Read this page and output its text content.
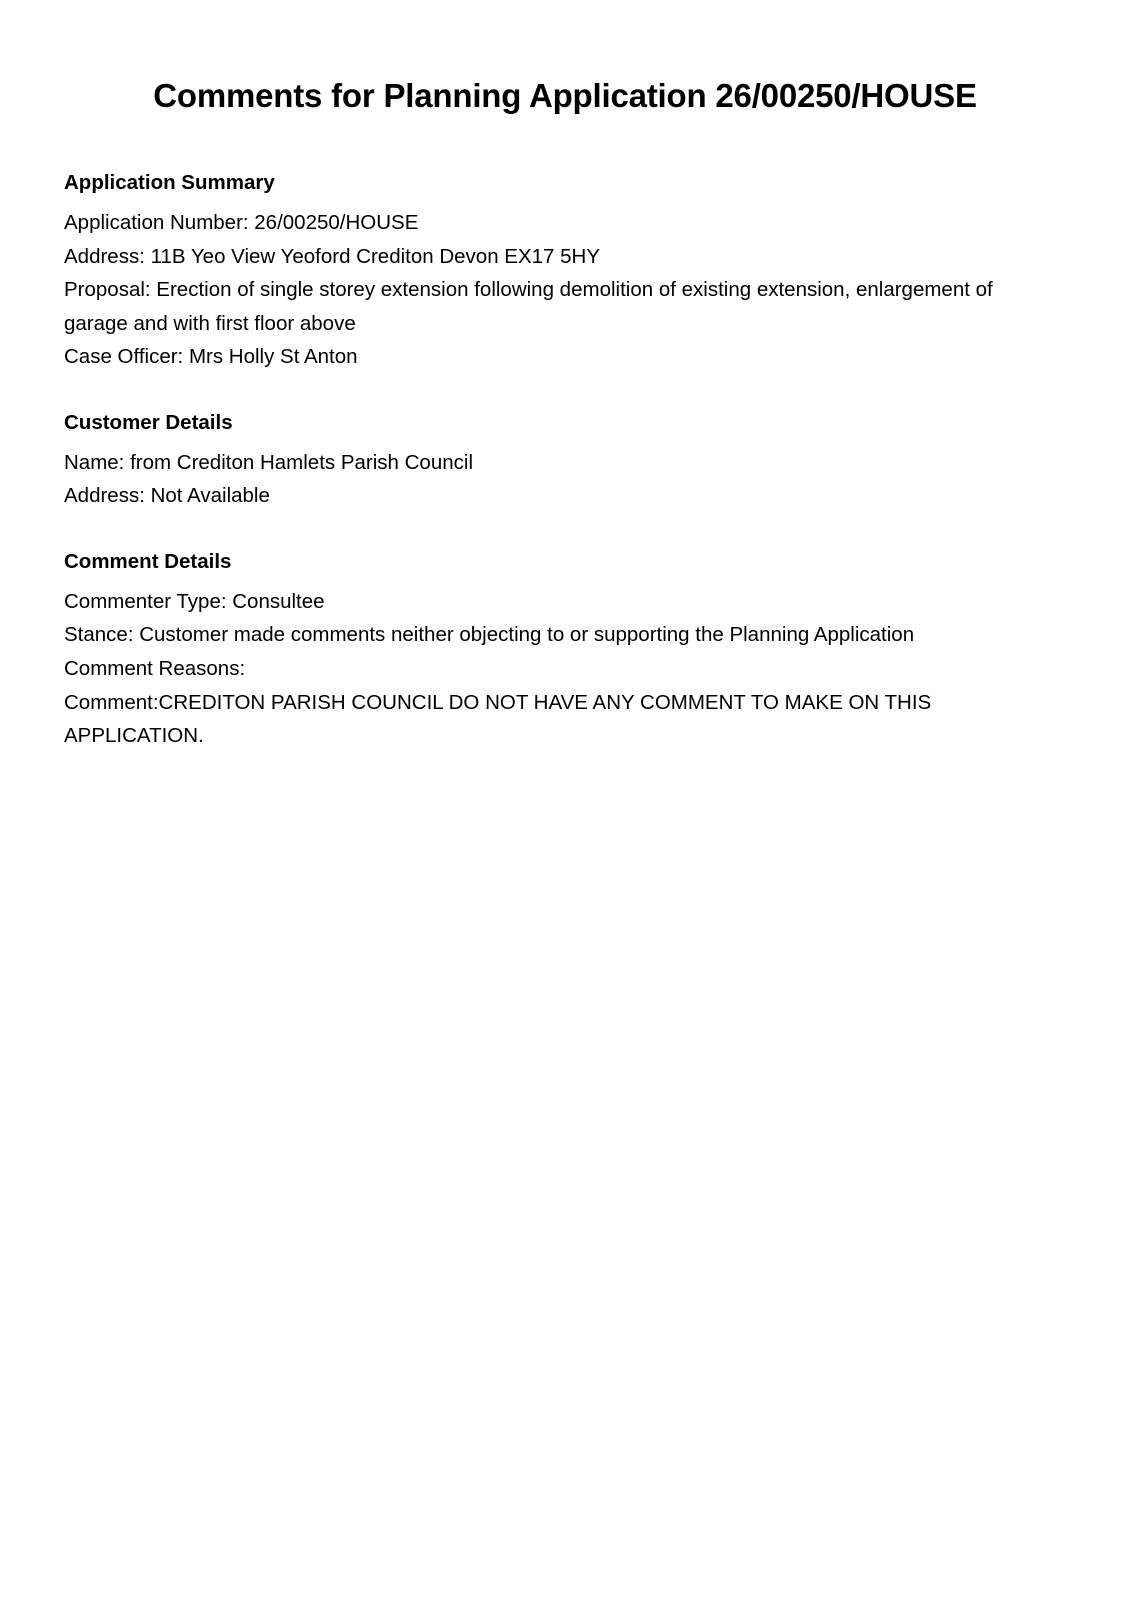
Comments for Planning Application 26/00250/HOUSE
Application Summary

Application Number: 26/00250/HOUSE

Address: 11B Yeo View Yeoford Crediton Devon EX17 5HY

Proposal: Erection of single storey extension following demolition of existing extension, enlargement of garage and with first floor above

Case Officer: Mrs Holly St Anton

Customer Details

Name: from Crediton Hamlets Parish Council

Address: Not Available

Comment Details

Commenter Type: Consultee

Stance: Customer made comments neither objecting to or supporting the Planning Application

Comment Reasons:

Comment:CREDITON PARISH COUNCIL DO NOT HAVE ANY COMMENT TO MAKE ON THIS APPLICATION.
